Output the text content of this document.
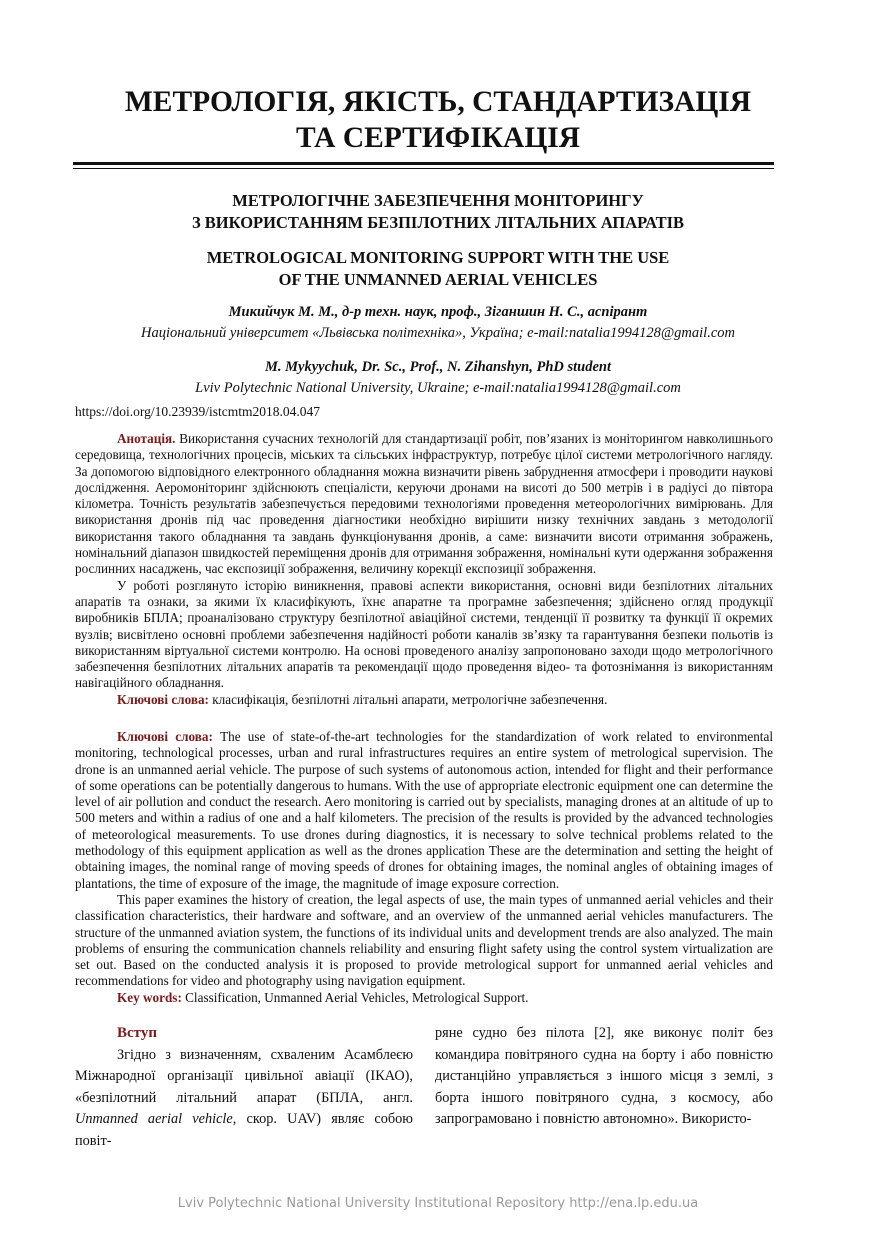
МЕТРОЛОГІЯ, ЯКІСТЬ, СТАНДАРТИЗАЦІЯ
ТА СЕРТИФІКАЦІЯ
МЕТРОЛОГІЧНЕ ЗАБЕЗПЕЧЕННЯ МОНІТОРИНГУ
З ВИКОРИСТАННЯМ БЕЗПІЛОТНИХ ЛІТАЛЬНИХ АПАРАТІВ
METROLOGICAL MONITORING SUPPORT WITH THE USE
OF THE UNMANNED AERIAL VEHICLES
Микийчук М. М., д-р техн. наук, проф., Зіганшин Н. С., аспірант
Національний університет «Львівська політехніка», Україна; e-mail:natalia1994128@gmail.com
M. Mykyychuk, Dr. Sc., Prof., N. Zihanshyn, PhD student
Lviv Polytechnic National University, Ukraine; e-mail:natalia1994128@gmail.com
https://doi.org/10.23939/istcmtm2018.04.047

Анотація. Використання сучасних технологій для стандартизації робіт, пов’язаних із моніторингом навколишнього середовища, технологічних процесів, міських та сільських інфраструктур, потребує цілої системи метрологічного нагляду. За допомогою відповідного електронного обладнання можна визначити рівень забруднення атмосфери і проводити наукові дослідження. Аеромоніторинг здійснюють спеціалісти, керуючи дронами на висоті до 500 метрів і в радіусі до півтора кілометра. Точність результатів забезпечується передовими технологіями проведення метеорологічних вимірювань. Для використання дронів під час проведення діагностики необхідно вирішити низку технічних завдань з методології використання такого обладнання та завдань функціонування дронів, а саме: визначити висоти отримання зображень, номінальний діапазон швидкостей переміщення дронів для отримання зображення, номінальні кути одержання зображення рослинних насаджень, час експозиції зображення, величину корекції експозиції зображення.

У роботі розглянуто історію виникнення, правові аспекти використання, основні види безпілотних літальних апаратів та ознаки, за якими їх класифікують, їхнє апаратне та програмне забезпечення; здійснено огляд продукції виробників БПЛА; проаналізовано структуру безпілотної авіаційної системи, тенденції її розвитку та функції її окремих вузлів; висвітлено основні проблеми забезпечення надійності роботи каналів зв’язку та гарантування безпеки польотів із використанням віртуальної системи контролю. На основі проведеного аналізу запропоновано заходи щодо метрологічного забезпечення безпілотних літальних апаратів та рекомендації щодо проведення відео- та фотознімання із використанням навігаційного обладнання.

Ключові слова: класифікація, безпілотні літальні апарати, метрологічне забезпечення.

Ключові слова: The use of state-of-the-art technologies for the standardization of work related to environmental monitoring, technological processes, urban and rural infrastructures requires an entire system of metrological supervision. The drone is an unmanned aerial vehicle. The purpose of such systems of autonomous action, intended for flight and their performance of some operations can be potentially dangerous to humans. With the use of appropriate electronic equipment one can determine the level of air pollution and conduct the research. Aero monitoring is carried out by specialists, managing drones at an altitude of up to 500 meters and within a radius of one and a half kilometers. The precision of the results is provided by the advanced technologies of meteorological measurements. To use drones during diagnostics, it is necessary to solve technical problems related to the methodology of this equipment application as well as the drones application These are the determination and setting the height of obtaining images, the nominal range of moving speeds of drones for obtaining images, the nominal angles of obtaining images of plantations, the time of exposure of the image, the magnitude of image exposure correction.

This paper examines the history of creation, the legal aspects of use, the main types of unmanned aerial vehicles and their classification characteristics, their hardware and software, and an overview of the unmanned aerial vehicles manufacturers. The structure of the unmanned aviation system, the functions of its individual units and development trends are also analyzed. The main problems of ensuring the communication channels reliability and ensuring flight safety using the control system virtualization are set out. Based on the conducted analysis it is proposed to provide metrological support for unmanned aerial vehicles and recommendations for video and photography using navigation equipment.

Key words: Classification, Unmanned Aerial Vehicles, Metrological Support.

Вступ

Згідно з визначенням, схваленим Асамблеєю Міжнародної організації цивільної авіації (ІКАО), «безпілотний літальний апарат (БПЛА, англ. Unmanned aerial vehicle, скор. UAV) являє собою повіт-

ряне судно без пілота [2], яке виконує політ без командира повітряного судна на борту і або повністю дистанційно управляється з іншого місця з землі, з борта іншого повітряного судна, з космосу, або запрограмовано і повністю автономно». Використо-

Lviv Polytechnic National University Institutional Repository http://ena.lp.edu.ua
